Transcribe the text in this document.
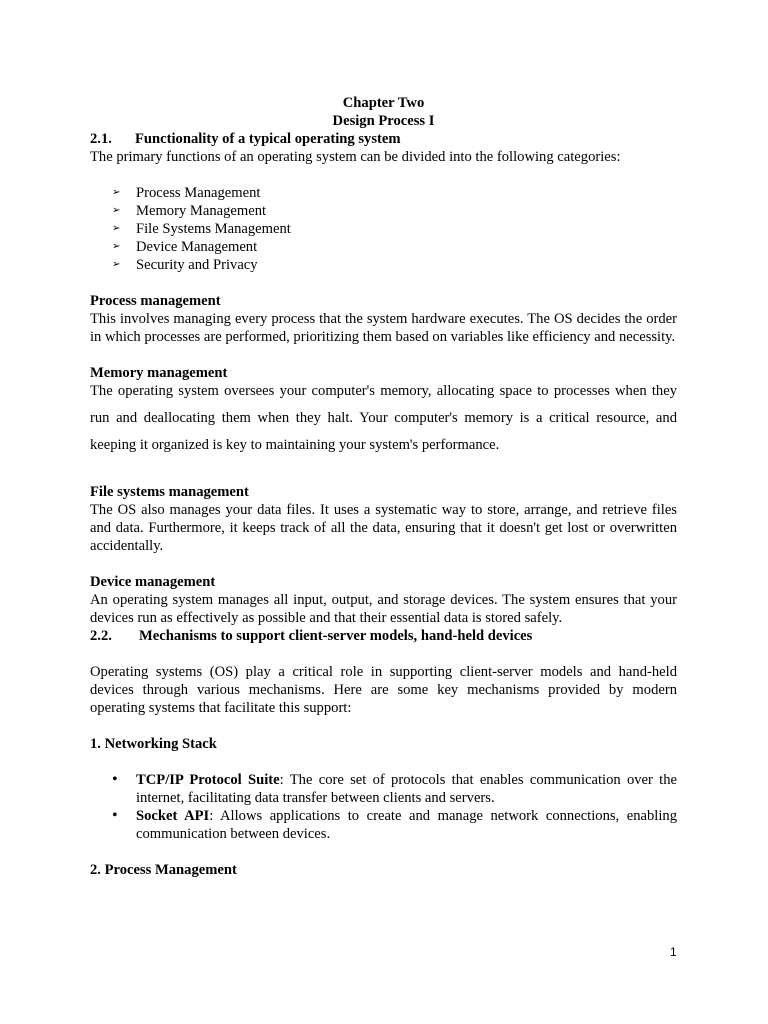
Chapter Two
Design Process I
2.1.	Functionality of a typical operating system

The primary functions of an operating system can be divided into the following categories:

➢	Process Management
➢	Memory Management
➢	File Systems Management
➢	Device Management
➢	Security and Privacy
Process management

This involves managing every process that the system hardware executes. The OS decides the order in which processes are performed, prioritizing them based on variables like efficiency and necessity.

Memory management

The operating system oversees your computer's memory, allocating space to processes when they run and deallocating them when they halt. Your computer's memory is a critical resource, and keeping it organized is key to maintaining your system's performance.

File systems management

The OS also manages your data files. It uses a systematic way to store, arrange, and retrieve files and data. Furthermore, it keeps track of all the data, ensuring that it doesn't get lost or overwritten accidentally.

Device management

An operating system manages all input, output, and storage devices. The system ensures that your devices run as effectively as possible and that their essential data is stored safely.

2.2.	Mechanisms to support client-server models, hand-held devices

Operating systems (OS) play a critical role in supporting client-server models and hand-held devices through various mechanisms. Here are some key mechanisms provided by modern operating systems that facilitate this support:

1. Networking Stack
•	TCP/IP Protocol Suite: The core set of protocols that enables communication over the internet, facilitating data transfer between clients and servers.
•	Socket API: Allows applications to create and manage network connections, enabling communication between devices.
2. Process Management
1
